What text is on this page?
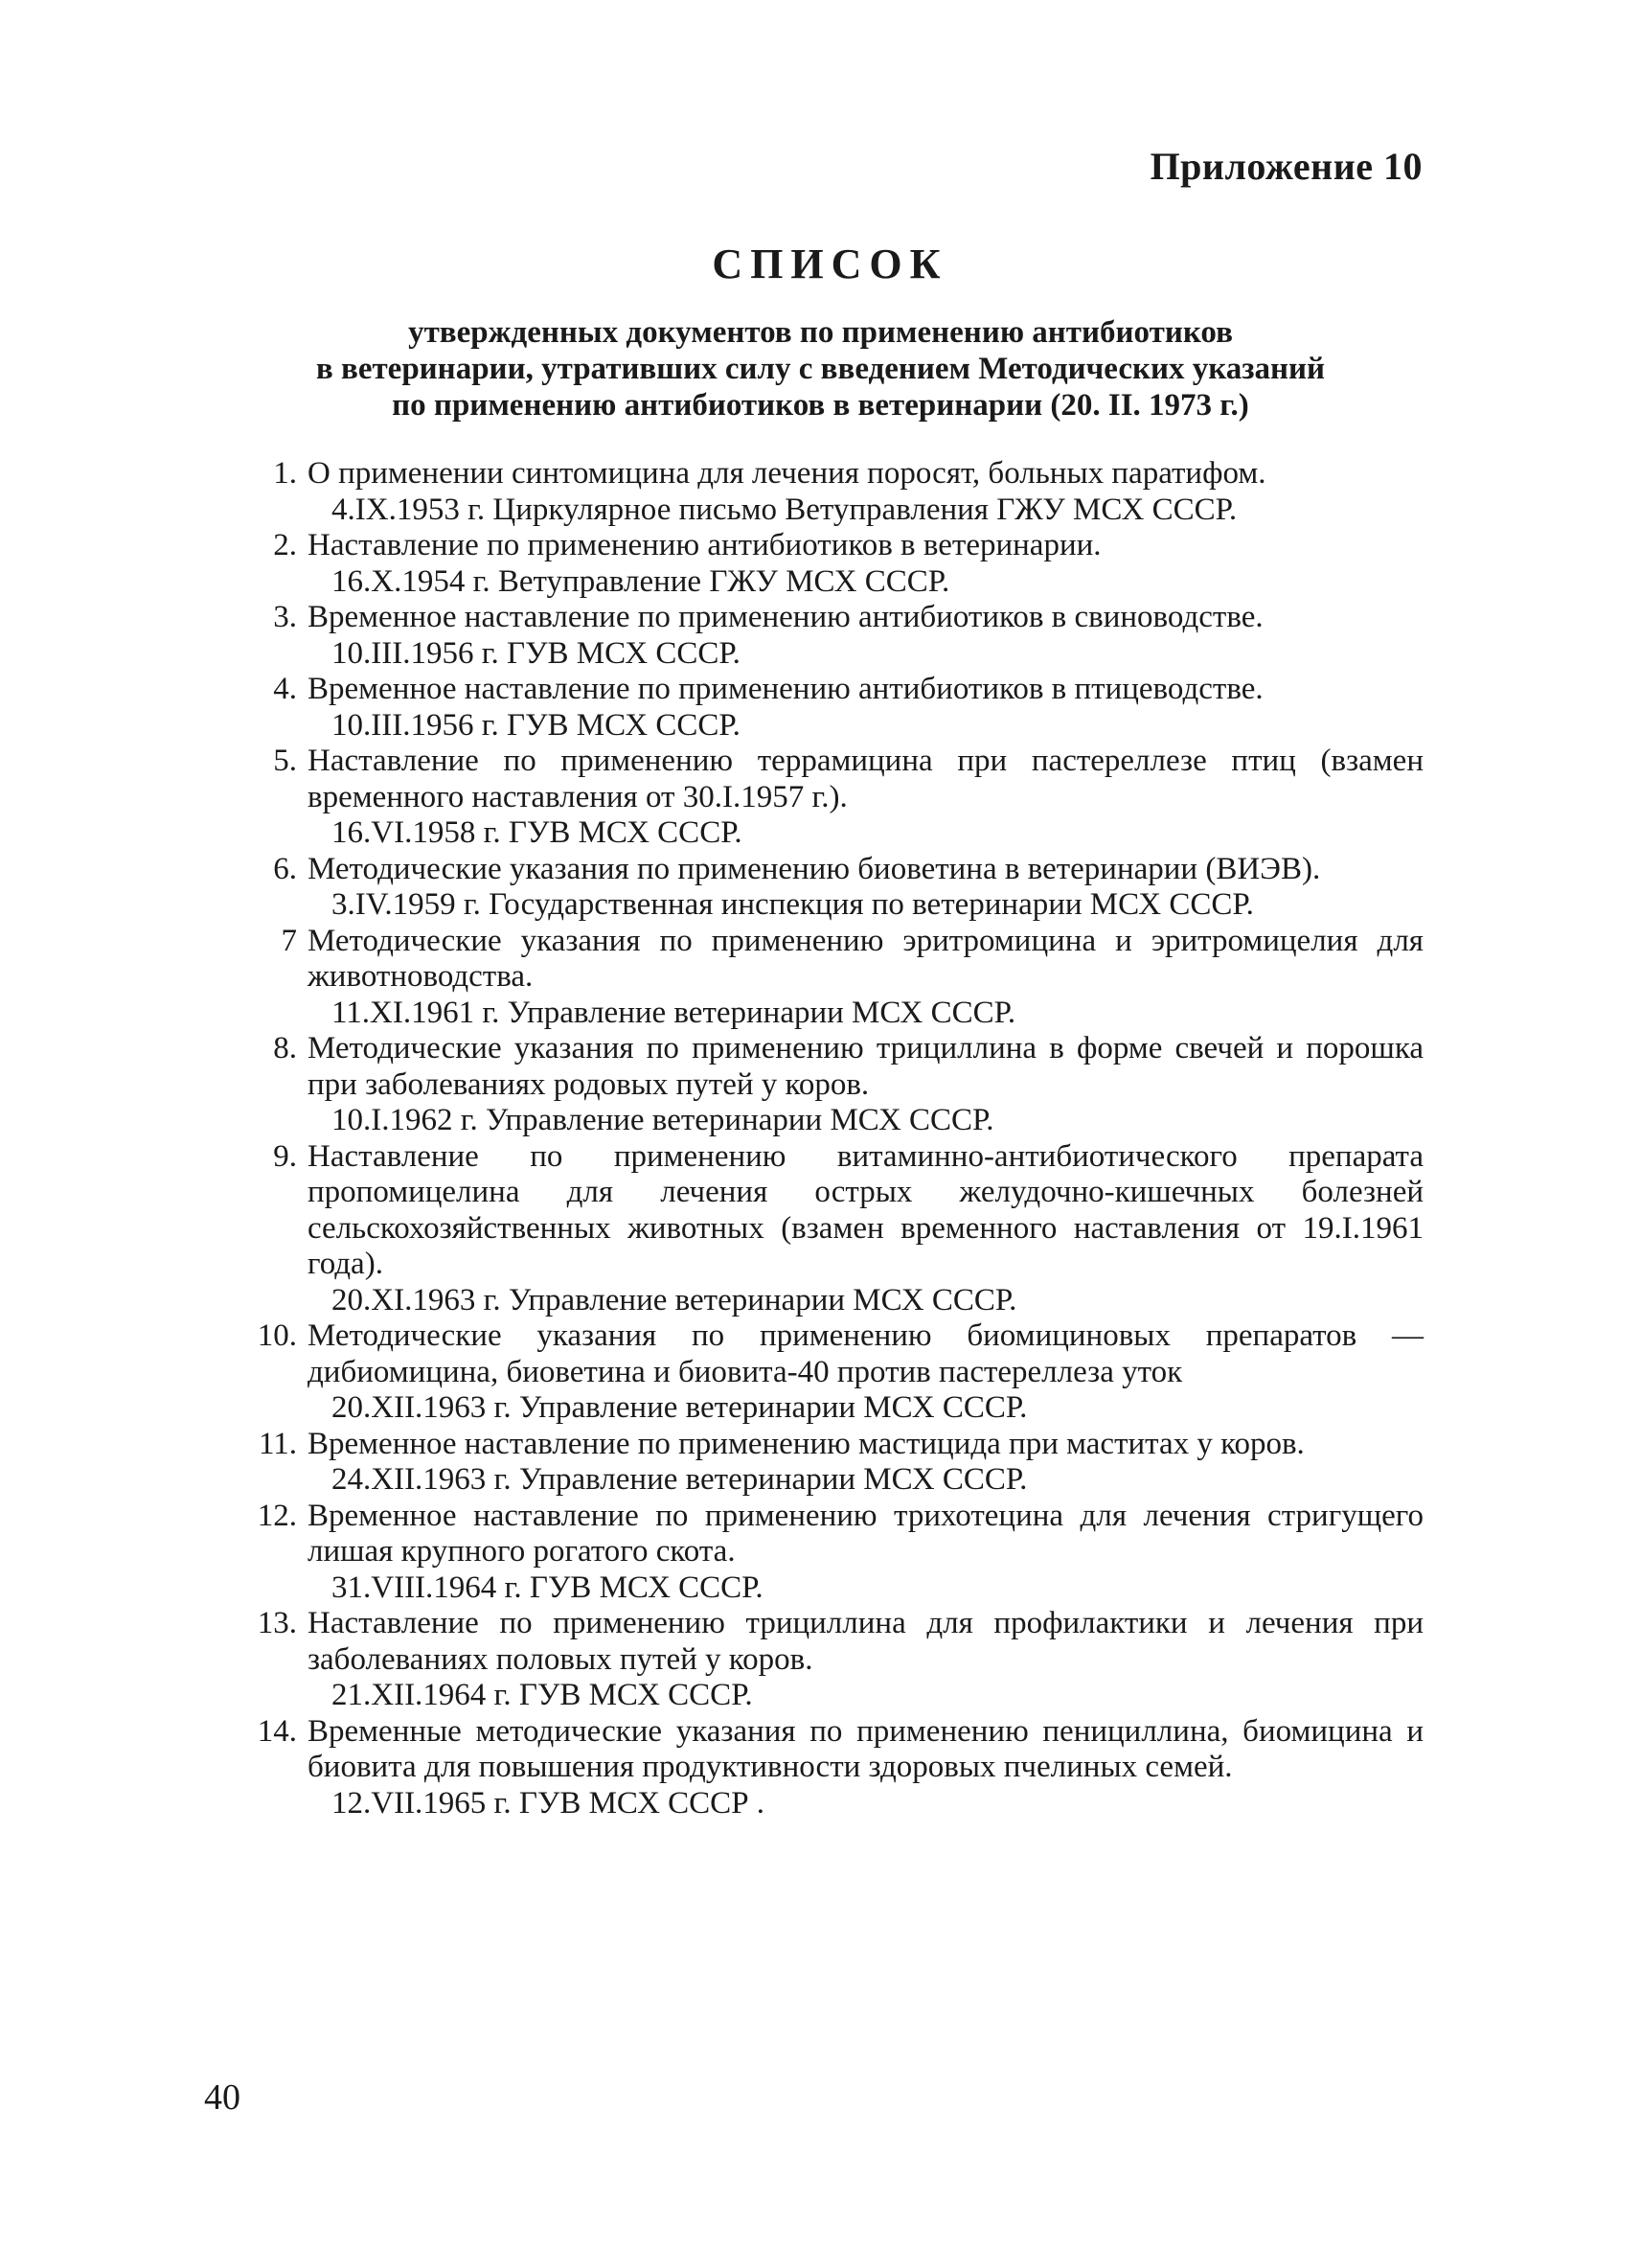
Приложение 10
СПИСОК
утвержденных документов по применению антибиотиков
в ветеринарии, утративших силу с введением Методических указаний
по применению антибиотиков в ветеринарии (20. II. 1973 г.)
1. О применении синтомицина для лечения поросят, больных паратифом.
4.IX.1953 г. Циркулярное письмо Ветуправления ГЖУ МСХ СССР.
2. Наставление по применению антибиотиков в ветеринарии.
16.X.1954 г. Ветуправление ГЖУ МСХ СССР.
3. Временное наставление по применению антибиотиков в свиноводстве.
10.III.1956 г. ГУВ МСХ СССР.
4. Временное наставление по применению антибиотиков в птицеводстве.
10.III.1956 г. ГУВ МСХ СССР.
5. Наставление по применению террамицина при пастереллезе птиц (взамен временного наставления от 30.I.1957 г.).
16.VI.1958 г. ГУВ МСХ СССР.
6. Методические указания по применению биоветина в ветеринарии (ВИЭВ).
3.IV.1959 г. Государственная инспекция по ветеринарии МСХ СССР.
7 Методические указания по применению эритромицина и эритромицелия для животноводства.
11.XI.1961 г. Управление ветеринарии МСХ СССР.
8. Методические указания по применению трициллина в форме свечей и порошка при заболеваниях родовых путей у коров.
10.I.1962 г. Управление ветеринарии МСХ СССР.
9. Наставление по применению витаминно-антибиотического препарата пропомицелина для лечения острых желудочно-кишечных болезней сельскохозяйственных животных (взамен временного наставления от 19.I.1961 года).
20.XI.1963 г. Управление ветеринарии МСХ СССР.
10. Методические указания по применению биомициновых препаратов — дибиомицина, биоветина и биовита-40 против пастереллеза уток
20.XII.1963 г. Управление ветеринарии МСХ СССР.
11. Временное наставление по применению мастицида при маститах у коров.
24.XII.1963 г. Управление ветеринарии МСХ СССР.
12. Временное наставление по применению трихотецина для лечения стригущего лишая крупного рогатого скота.
31.VIII.1964 г. ГУВ МСХ СССР.
13. Наставление по применению трициллина для профилактики и лечения при заболеваниях половых путей у коров.
21.XII.1964 г. ГУВ МСХ СССР.
14. Временные методические указания по применению пенициллина, биомицина и биовита для повышения продуктивности здоровых пчелиных семей.
12.VII.1965 г. ГУВ МСХ СССР .
40
